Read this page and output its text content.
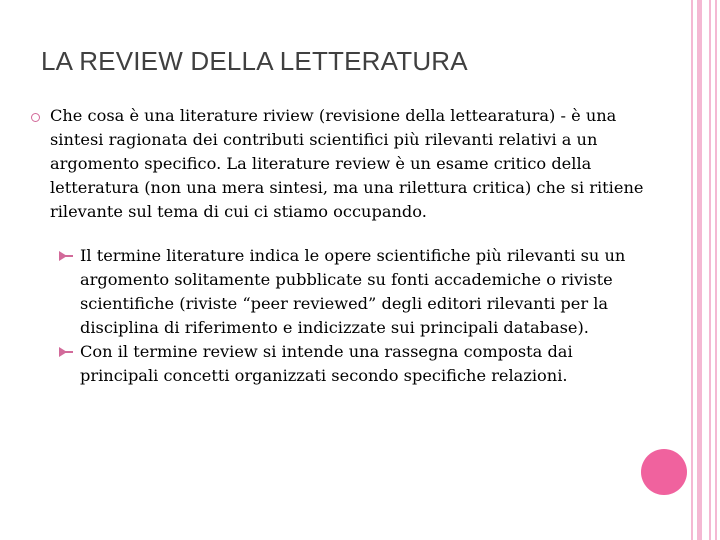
LA REVIEW DELLA LETTERATURA

Che cosa è una literature riview (revisione della lettearatura) - è una sintesi ragionata dei contributi scientifici più rilevanti relativi a un argomento specifico. La literature review è un esame critico della letteratura (non una mera sintesi, ma una rilettura critica) che si ritiene rilevante sul tema di cui ci stiamo occupando.

Il termine literature indica le opere scientifiche più rilevanti su un argomento solitamente pubblicate su fonti accademiche o riviste scientifiche (riviste “peer reviewed” degli editori rilevanti per la disciplina di riferimento e indicizzate sui principali database).

Con il termine review si intende una rassegna composta dai principali concetti organizzati secondo specifiche relazioni.
